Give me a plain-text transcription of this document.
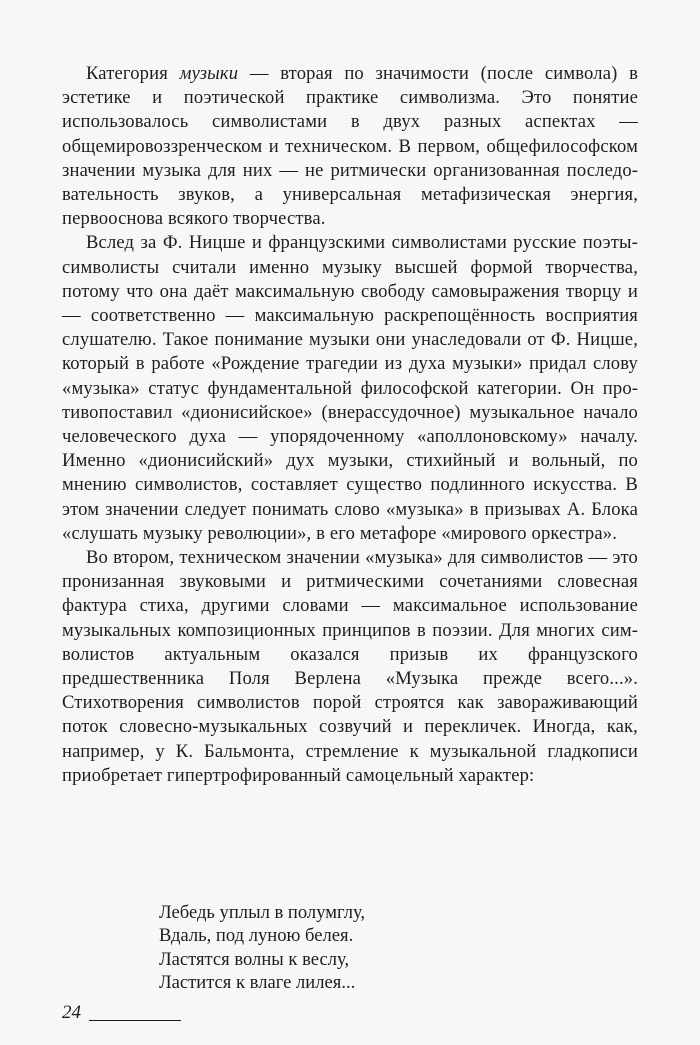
Категория музыки — вторая по значимости (после символа) в эстетике и поэтической практике символизма. Это понятие использовалось символистами в двух разных аспектах — общемировоззренческом и техническом. В первом, общефилософском значении музыка для них — не ритмически организованная последовательность звуков, а универсальная метафизическая энергия, первооснова всякого творчества.

Вслед за Ф. Ницше и французскими символистами русские поэты-символисты считали именно музыку высшей формой творчества, потому что она даёт максимальную свободу самовыражения творцу и — соответственно — максимальную раскрепощённость восприятия слушателю. Такое понимание музыки они унаследовали от Ф. Ницше, который в работе «Рождение трагедии из духа музыки» придал слову «музыка» статус фундаментальной философской категории. Он противопоставил «дионисийское» (внерассудочное) музыкальное начало человеческого духа — упорядоченному «аполлоновскому» началу. Именно «дионисийский» дух музыки, стихийный и вольный, по мнению символистов, составляет существо подлинного искусства. В этом значении следует понимать слово «музыка» в призывах А. Блока «слушать музыку революции», в его метафоре «мирового оркестра».

Во втором, техническом значении «музыка» для символистов — это пронизанная звуковыми и ритмическими сочетаниями словесная фактура стиха, другими словами — максимальное использование музыкальных композиционных принципов в поэзии. Для многих символистов актуальным оказался призыв их французского предшественника Поля Верлена «Музыка прежде всего...». Стихотворения символистов порой строятся как завораживающий поток словесно-музыкальных созвучий и перекличек. Иногда, как, например, у К. Бальмонта, стремление к музыкальной гладкописи приобретает гипертрофированный самоцельный характер:

Лебедь уплыл в полумглу,
Вдаль, под луною белея.
Ластятся волны к веслу,
Ластится к влаге лилея...
24
